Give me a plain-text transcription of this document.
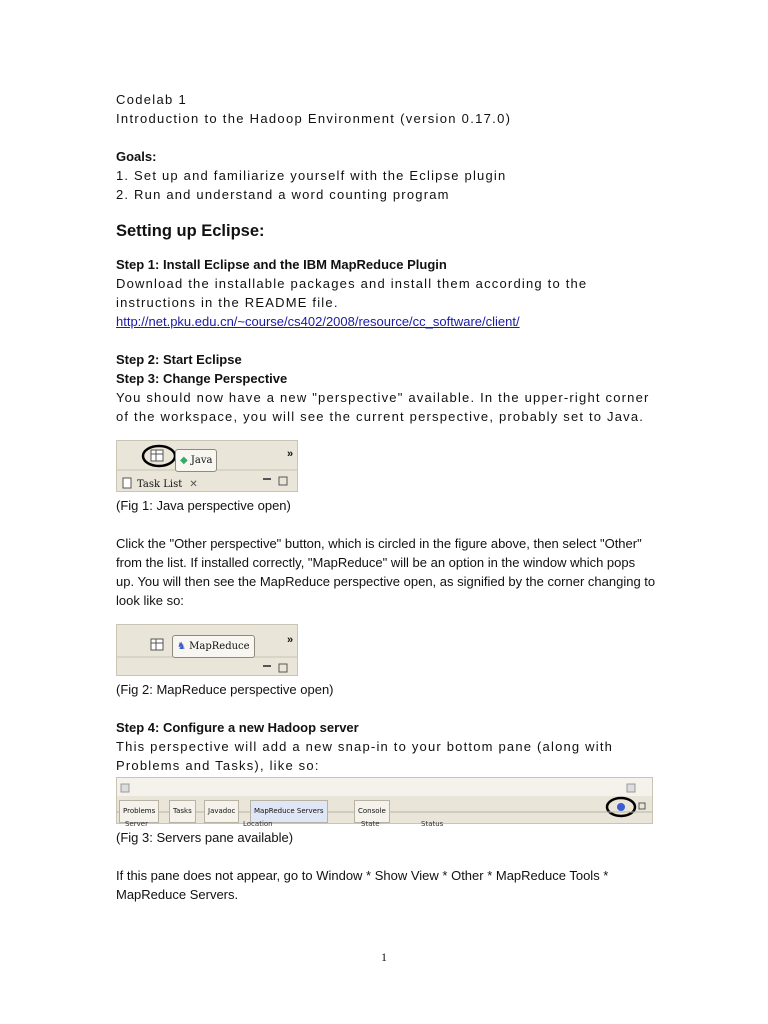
Codelab 1
Introduction to the Hadoop Environment (version 0.17.0)
Goals:
1. Set up and familiarize yourself with the Eclipse plugin
2. Run and understand a word counting program
Setting up Eclipse:
Step 1: Install Eclipse and the IBM MapReduce Plugin
Download the installable packages and install them according to the instructions in the README file.
http://net.pku.edu.cn/~course/cs402/2008/resource/cc_software/client/
Step 2: Start Eclipse
Step 3: Change Perspective
You should now have a new "perspective" available. In the upper-right corner of the workspace, you will see the current perspective, probably set to Java.
◆ Java
»
Task List ✕
(Fig 1: Java perspective open)
Click the "Other perspective" button, which is circled in the figure above, then select "Other" from the list. If installed correctly, "MapReduce" will be an option in the window which pops up. You will then see the MapReduce perspective open, as signified by the corner changing to look like so:
♞ MapReduce
»
(Fig 2: MapReduce perspective open)
Step 4: Configure a new Hadoop server
This perspective will add a new snap-in to your bottom pane (along with Problems and Tasks), like so:
Problems	Tasks	Javadoc	MapReduce Servers	Console
Server	Location	State	Status
(Fig 3: Servers pane available)
If this pane does not appear, go to Window * Show View * Other * MapReduce Tools * MapReduce Servers.
1
